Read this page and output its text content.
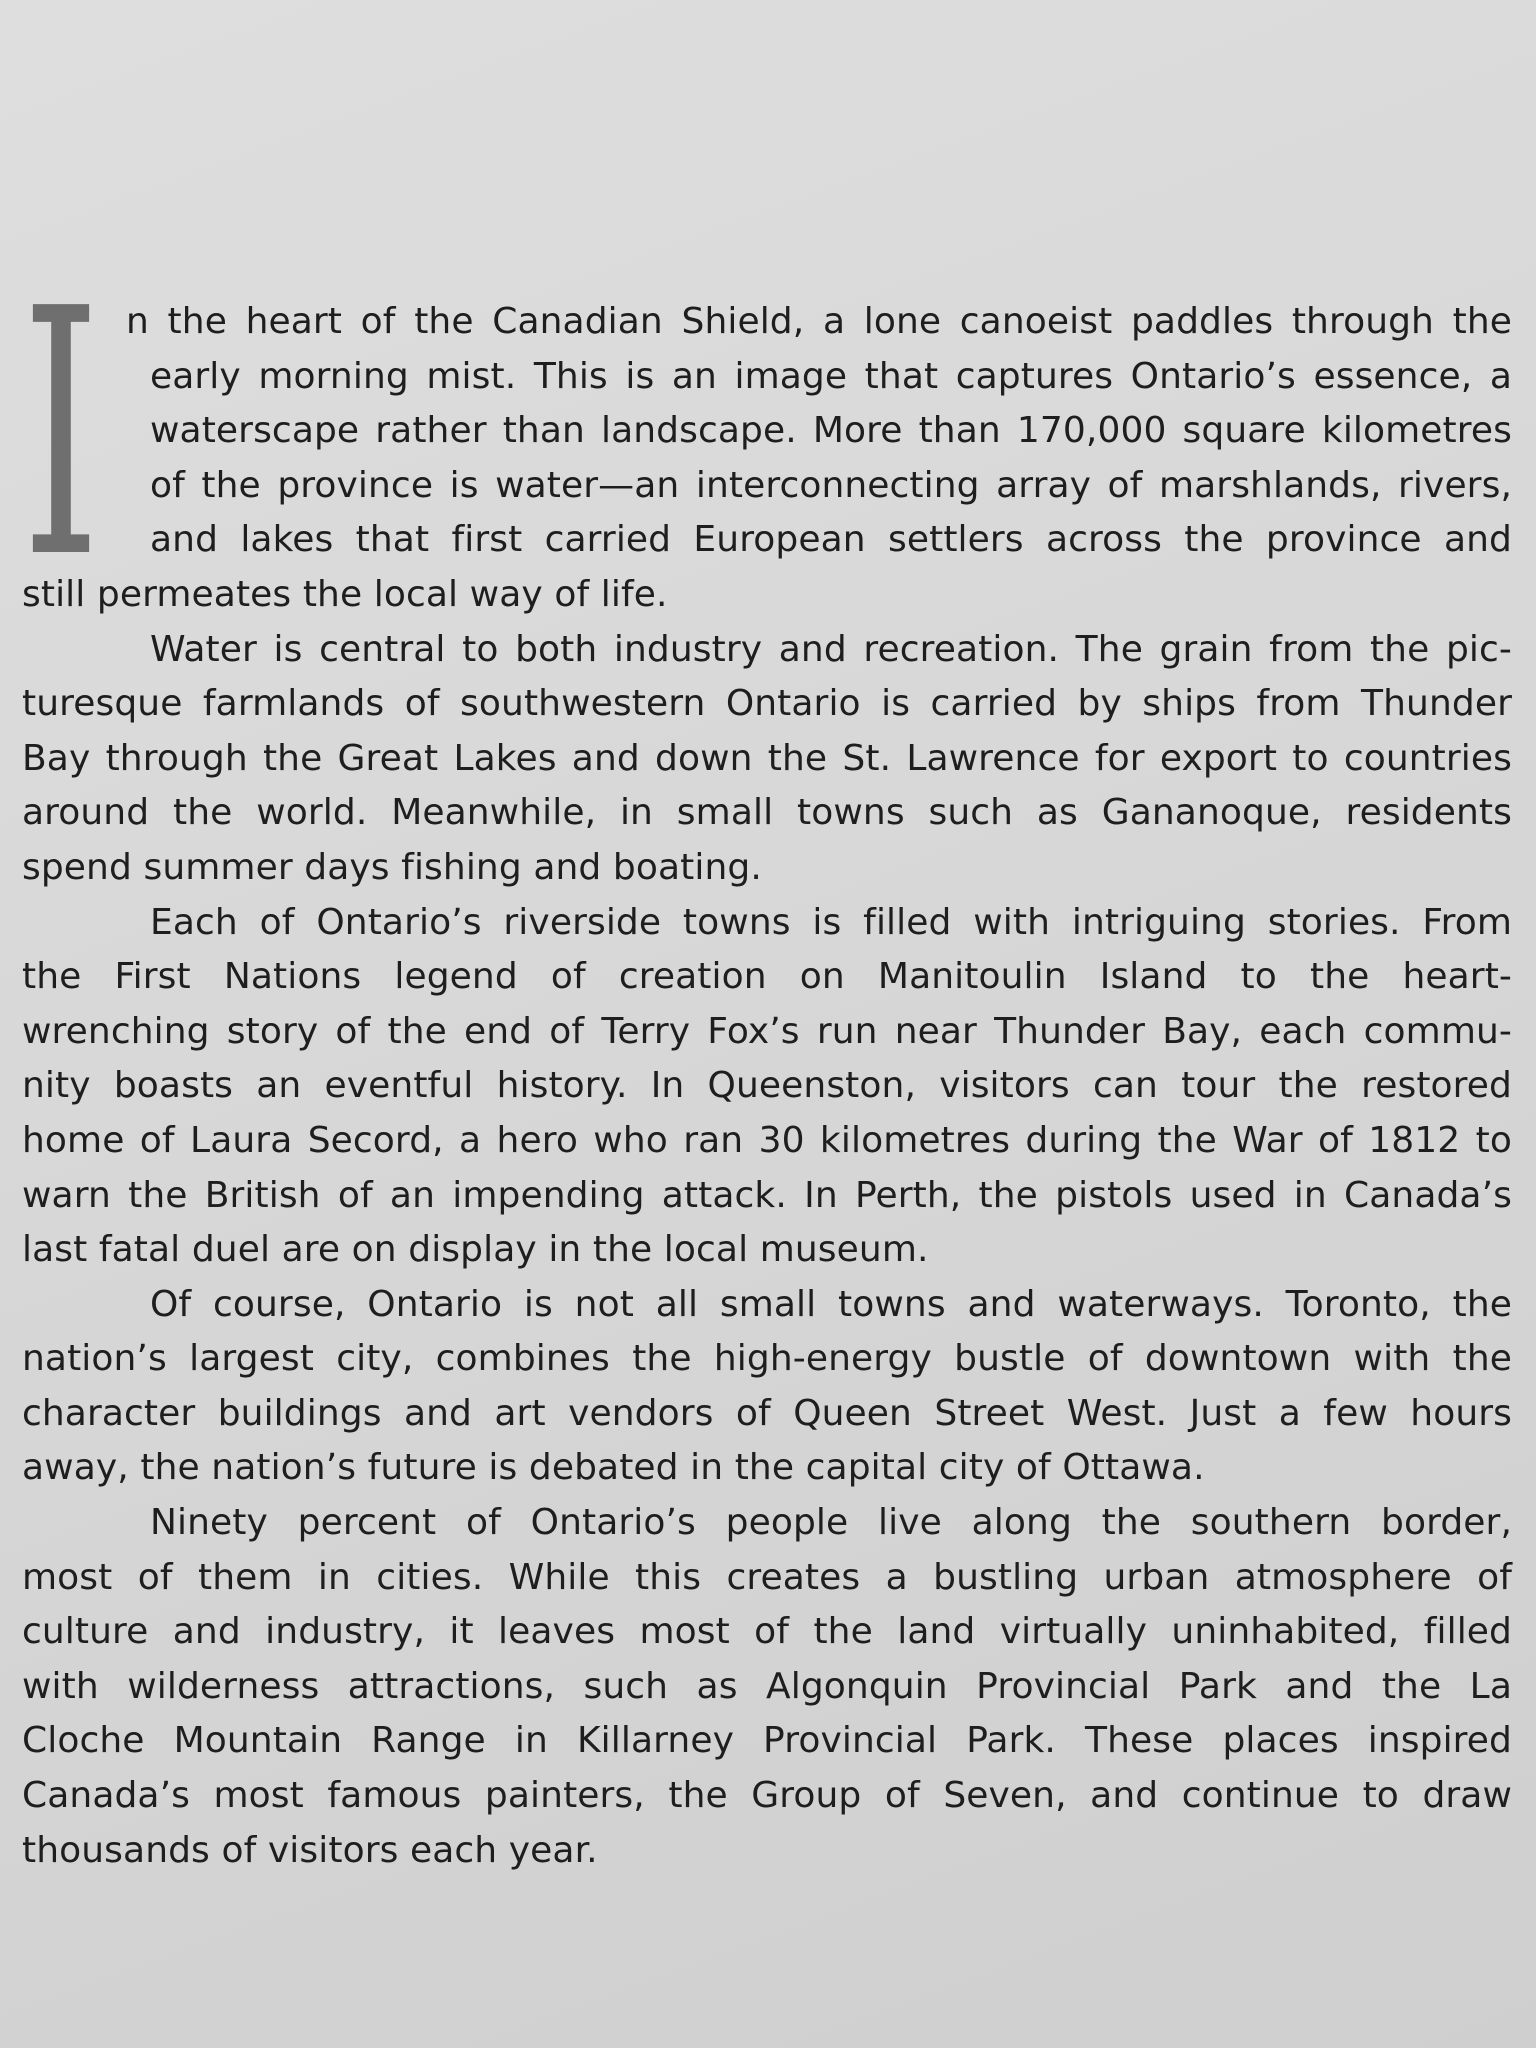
I n the heart of the Canadian Shield, a lone canoeist paddles through the
early morning mist. This is an image that captures Ontario’s essence, a
waterscape rather than landscape. More than 170,000 square kilometres
of the province is water—an interconnecting array of marshlands, rivers,
and lakes that first carried European settlers across the province and
still permeates the local way of life.
Water is central to both industry and recreation. The grain from the pic-
turesque farmlands of southwestern Ontario is carried by ships from Thunder
Bay through the Great Lakes and down the St. Lawrence for export to countries
around the world. Meanwhile, in small towns such as Gananoque, residents
spend summer days fishing and boating.
Each of Ontario’s riverside towns is filled with intriguing stories. From
the First Nations legend of creation on Manitoulin Island to the heart-
wrenching story of the end of Terry Fox’s run near Thunder Bay, each commu-
nity boasts an eventful history. In Queenston, visitors can tour the restored
home of Laura Secord, a hero who ran 30 kilometres during the War of 1812 to
warn the British of an impending attack. In Perth, the pistols used in Canada’s
last fatal duel are on display in the local museum.
Of course, Ontario is not all small towns and waterways. Toronto, the
nation’s largest city, combines the high-energy bustle of downtown with the
character buildings and art vendors of Queen Street West. Just a few hours
away, the nation’s future is debated in the capital city of Ottawa.
Ninety percent of Ontario’s people live along the southern border,
most of them in cities. While this creates a bustling urban atmosphere of
culture and industry, it leaves most of the land virtually uninhabited, filled
with wilderness attractions, such as Algonquin Provincial Park and the La
Cloche Mountain Range in Killarney Provincial Park. These places inspired
Canada’s most famous painters, the Group of Seven, and continue to draw
thousands of visitors each year.
